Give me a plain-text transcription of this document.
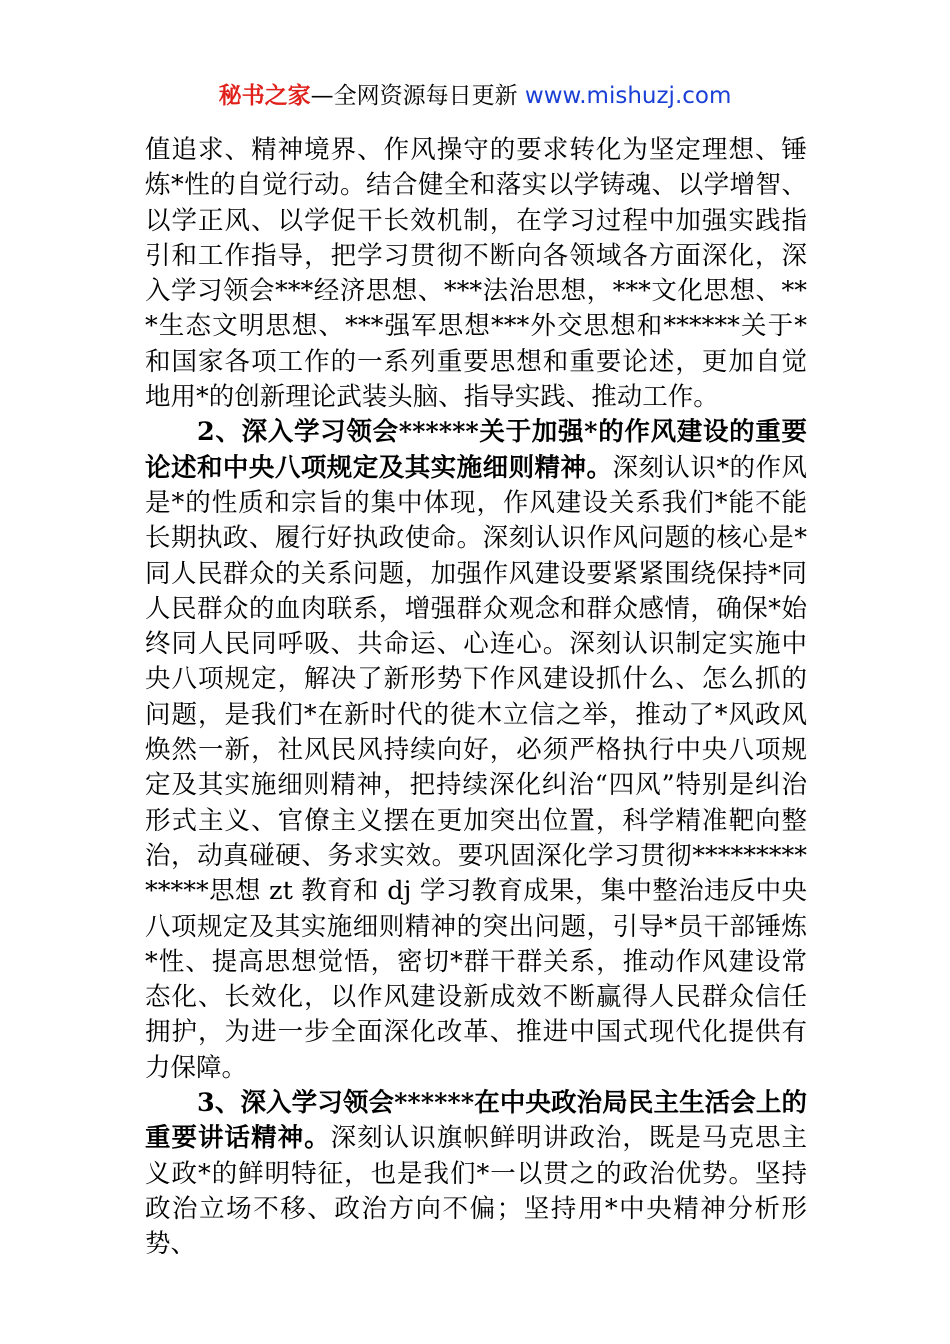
秘书之家—全网资源每日更新 www.mishuzj.com

值追求、精神境界、作风操守的要求转化为坚定理想、锤炼*性的自觉行动。结合健全和落实以学铸魂、以学增智、以学正风、以学促干长效机制，在学习过程中加强实践指引和工作指导，把学习贯彻不断向各领域各方面深化，深入学习领会***经济思想、***法治思想，***文化思想、***生态文明思想、***强军思想***外交思想和******关于*和国家各项工作的一系列重要思想和重要论述，更加自觉地用*的创新理论武装头脑、指导实践、推动工作。

2、深入学习领会******关于加强*的作风建设的重要论述和中央八项规定及其实施细则精神。深刻认识*的作风是*的性质和宗旨的集中体现，作风建设关系我们*能不能长期执政、履行好执政使命。深刻认识作风问题的核心是*同人民群众的关系问题，加强作风建设要紧紧围绕保持*同人民群众的血肉联系，增强群众观念和群众感情，确保*始终同人民同呼吸、共命运、心连心。深刻认识制定实施中央八项规定，解决了新形势下作风建设抓什么、怎么抓的问题，是我们*在新时代的徙木立信之举，推动了*风政风焕然一新，社风民风持续向好，必须严格执行中央八项规定及其实施细则精神，把持续深化纠治“四风”特别是纠治形式主义、官僚主义摆在更加突出位置，科学精准靶向整治，动真碰硬、务求实效。要巩固深化学习贯彻**************思想 zt 教育和 dj 学习教育成果，集中整治违反中央八项规定及其实施细则精神的突出问题，引导*员干部锤炼*性、提高思想觉悟，密切*群干群关系，推动作风建设常态化、长效化，以作风建设新成效不断赢得人民群众信任拥护，为进一步全面深化改革、推进中国式现代化提供有力保障。

3、深入学习领会******在中央政治局民主生活会上的重要讲话精神。深刻认识旗帜鲜明讲政治，既是马克思主义政*的鲜明特征，也是我们*一以贯之的政治优势。坚持政治立场不移、政治方向不偏；坚持用*中央精神分析形势、
